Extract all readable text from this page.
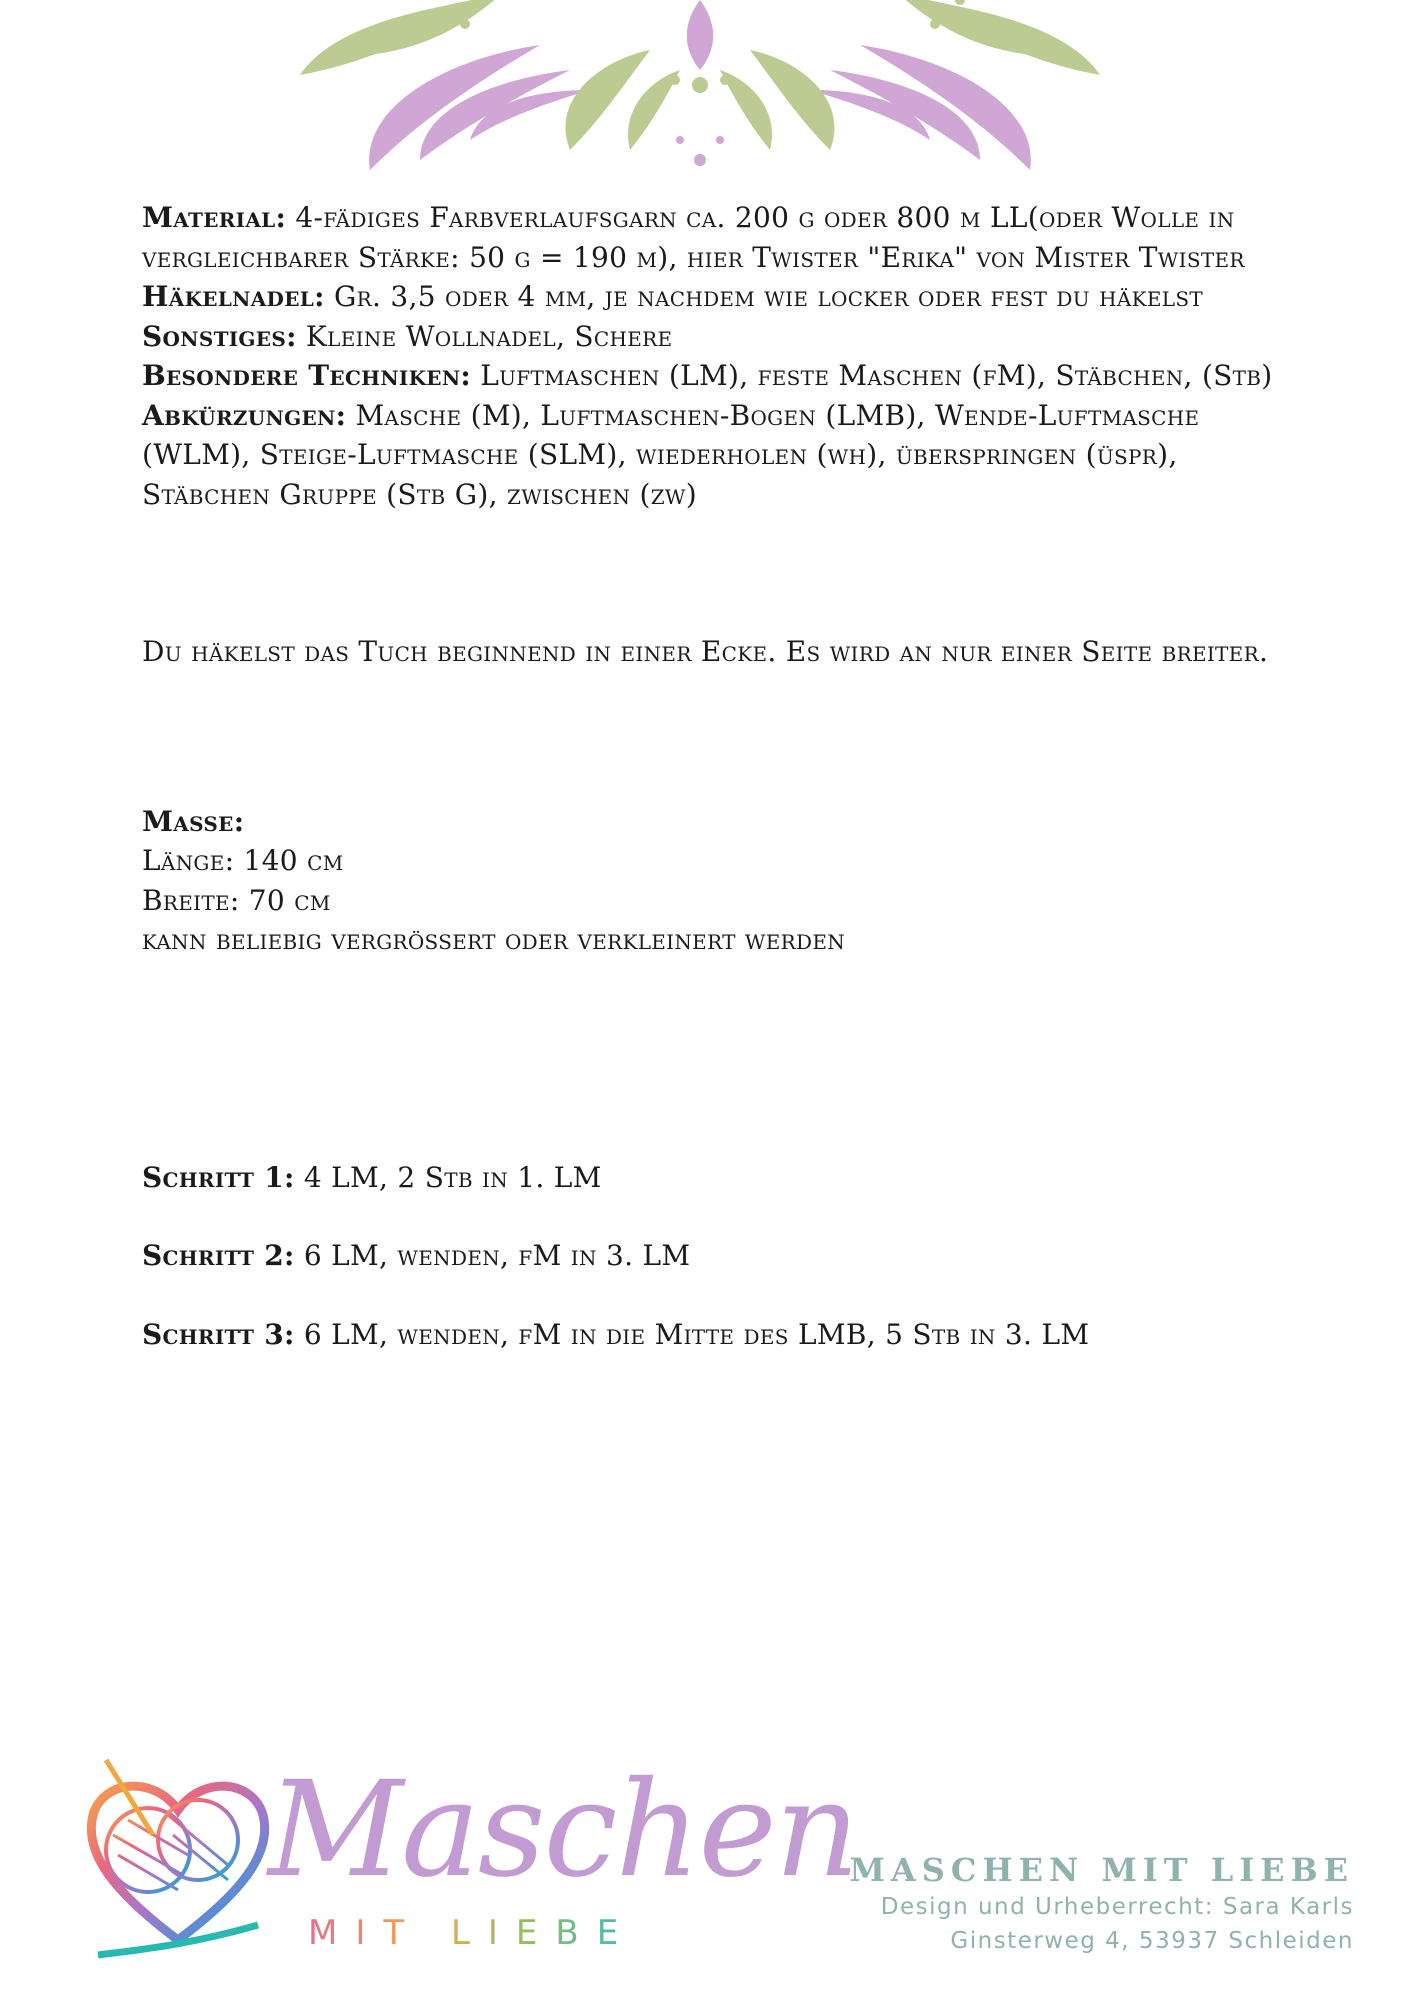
Material: 4-fädiges Farbverlaufsgarn ca. 200 g oder 800 m LL(oder Wolle in vergleichbarer Stärke: 50 g = 190 m), hier Twister "Erika" von Mister Twister

Häkelnadel: Gr. 3,5 oder 4 mm, je nachdem wie locker oder fest du häkelst

Sonstiges: Kleine Wollnadel, Schere

Besondere Techniken: Luftmaschen (LM), feste Maschen (fM), Stäbchen, (Stb)

Abkürzungen: Masche (M), Luftmaschen-Bogen (LMB), Wende-Luftmasche (WLM), Steige-Luftmasche (SLM), wiederholen (wh), überspringen (üspr), Stäbchen Gruppe (Stb G), zwischen (zw)

Du häkelst das Tuch beginnend in einer Ecke. Es wird an nur einer Seite breiter.

Masse:

Länge: 140 cm

Breite: 70 cm

kann beliebig vergrössert oder verkleinert werden

Schritt 1: 4 LM, 2 Stb in 1. LM

Schritt 2: 6 LM, wenden, fM in 3. LM

Schritt 3: 6 LM, wenden, fM in die Mitte des LMB, 5 Stb in 3. LM

Maschen
MIT LIEBE
MASCHEN MIT LIEBE
Design und Urheberrecht: Sara Karls
Ginsterweg 4, 53937 Schleiden
